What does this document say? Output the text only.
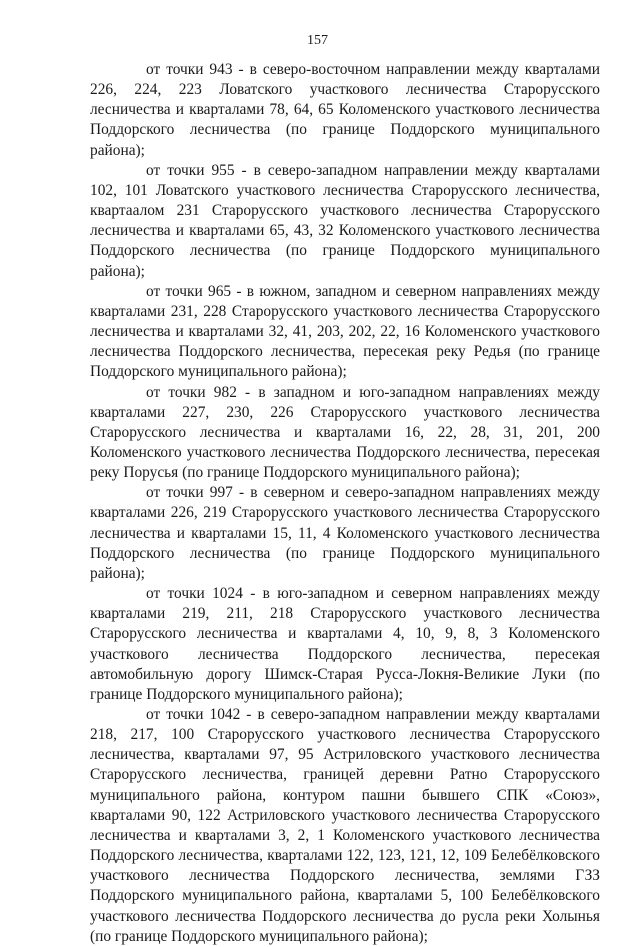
157

от точки 943 - в северо-восточном направлении между кварталами 226, 224, 223 Ловатского участкового лесничества Старорусского лесничества и кварталами 78, 64, 65 Коломенского участкового лесничества Поддорского лесничества (по границе Поддорского муниципального района);

от точки 955 - в северо-западном направлении между кварталами 102, 101 Ловатского участкового лесничества Старорусского лесничества, квартаалом 231 Старорусского участкового лесничества Старорусского лесничества и кварталами 65, 43, 32 Коломенского участкового лесничества Поддорского лесничества (по границе Поддорского муниципального района);

от точки 965 - в южном, западном и северном направлениях между кварталами 231, 228 Старорусского участкового лесничества Старорусского лесничества и кварталами 32, 41, 203, 202, 22, 16 Коломенского участкового лесничества Поддорского лесничества, пересекая реку Редья (по границе Поддорского муниципального района);

от точки 982 - в западном и юго-западном направлениях между кварталами 227, 230, 226 Старорусского участкового лесничества Старорусского лесничества и кварталами 16, 22, 28, 31, 201, 200 Коломенского участкового лесничества Поддорского лесничества, пересекая реку Порусья (по границе Поддорского муниципального района);

от точки 997 - в северном и северо-западном направлениях между кварталами 226, 219 Старорусского участкового лесничества Старорусского лесничества и кварталами 15, 11, 4 Коломенского участкового лесничества Поддорского лесничества (по границе Поддорского муниципального района);

от точки 1024 - в юго-западном и северном направлениях между кварталами 219, 211, 218 Старорусского участкового лесничества Старорусского лесничества и кварталами 4, 10, 9, 8, 3 Коломенского участкового лесничества Поддорского лесничества, пересекая автомобильную дорогу Шимск-Старая Русса-Локня-Великие Луки (по границе Поддорского муниципального района);

от точки 1042 - в северо-западном направлении между кварталами 218, 217, 100 Старорусского участкового лесничества Старорусского лесничества, кварталами 97, 95 Астриловского участкового лесничества Старорусского лесничества, границей деревни Ратно Старорусского муниципального района, контуром пашни бывшего СПК «Союз», кварталами 90, 122 Астриловского участкового лесничества Старорусского лесничества и кварталами 3, 2, 1 Коломенского участкового лесничества Поддорского лесничества, кварталами 122, 123, 121, 12, 109 Белебёлковского участкового лесничества Поддорского лесничества, землями ГЗЗ Поддорского муниципального района, кварталами 5, 100 Белебёлковского участкового лесничества Поддорского лесничества до русла реки Холынья (по границе Поддорского муниципального района);
